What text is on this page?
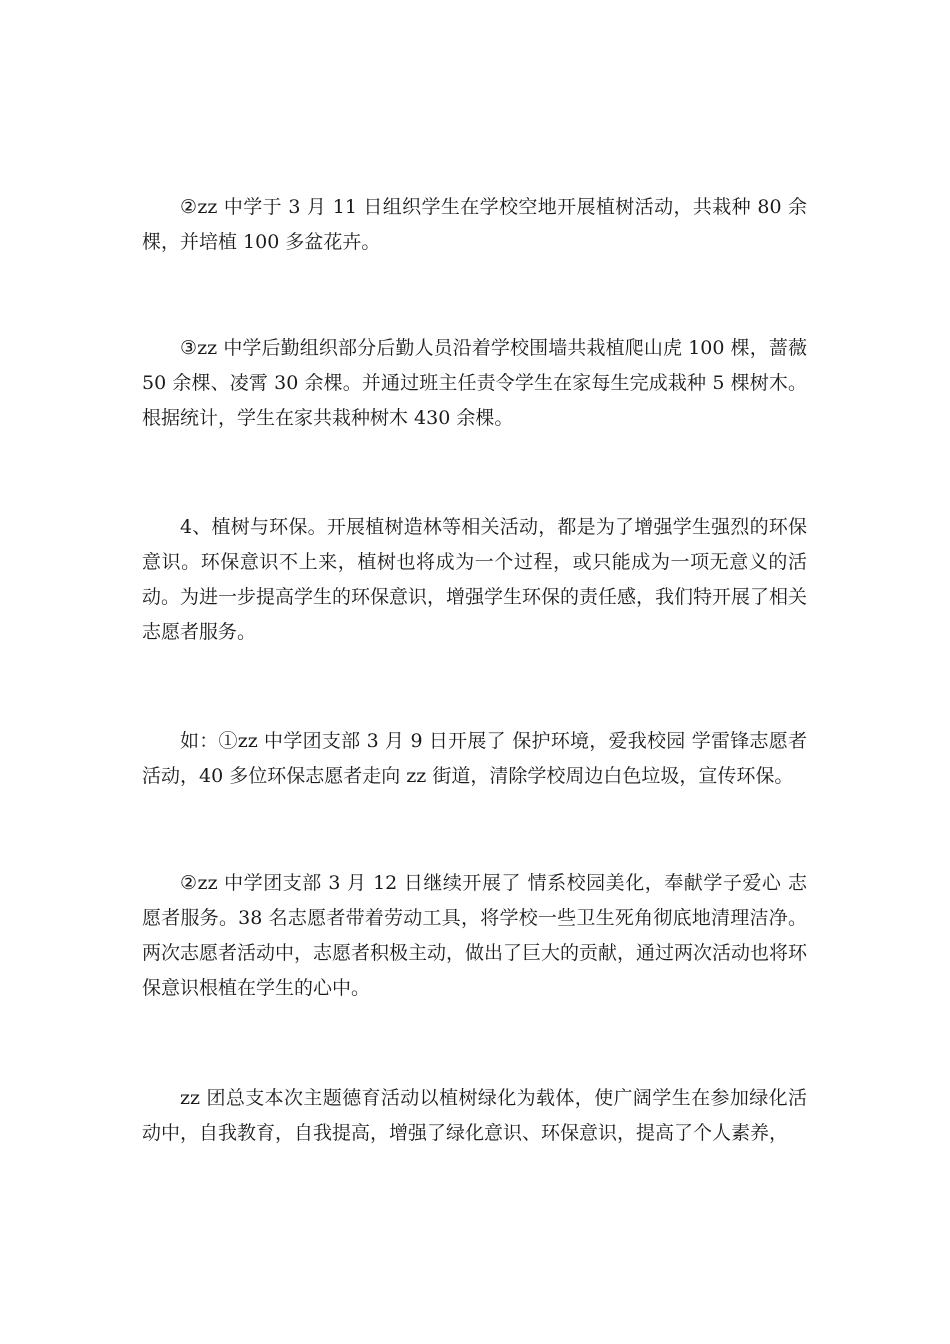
②zz 中学于 3 月 11 日组织学生在学校空地开展植树活动，共栽种 80 余棵，并培植 100 多盆花卉。

③zz 中学后勤组织部分后勤人员沿着学校围墙共栽植爬山虎 100 棵，蔷薇 50 余棵、凌霄 30 余棵。并通过班主任责令学生在家每生完成栽种 5 棵树木。根据统计，学生在家共栽种树木 430 余棵。

4、植树与环保。开展植树造林等相关活动，都是为了增强学生强烈的环保意识。环保意识不上来，植树也将成为一个过程，或只能成为一项无意义的活动。为进一步提高学生的环保意识，增强学生环保的责任感，我们特开展了相关志愿者服务。

如：①zz 中学团支部 3 月 9 日开展了 保护环境，爱我校园 学雷锋志愿者活动，40 多位环保志愿者走向 zz 街道，清除学校周边白色垃圾，宣传环保。

②zz 中学团支部 3 月 12 日继续开展了 情系校园美化，奉献学子爱心 志愿者服务。38 名志愿者带着劳动工具，将学校一些卫生死角彻底地清理洁净。两次志愿者活动中，志愿者积极主动，做出了巨大的贡献，通过两次活动也将环保意识根植在学生的心中。

zz 团总支本次主题德育活动以植树绿化为载体，使广阔学生在参加绿化活动中，自我教育，自我提高，增强了绿化意识、环保意识，提高了个人素养，
